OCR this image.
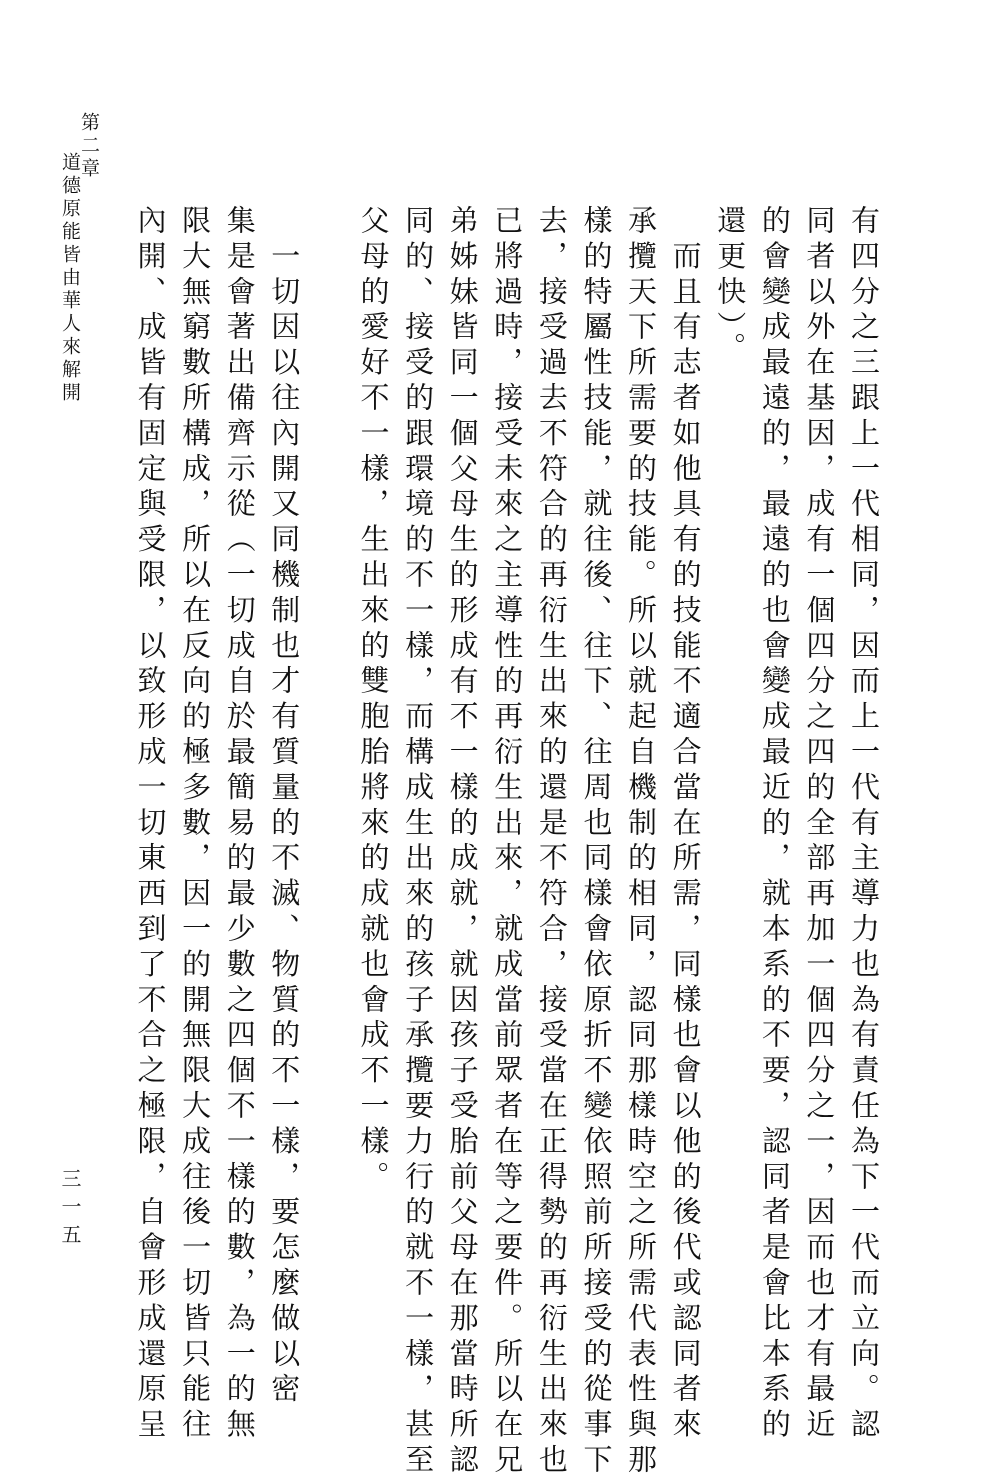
第二章
道德原能皆由華人來解開	有四分之三跟上一代相同，因而上一代有主導力也為有責任為下一代而立向。認
同者以外在基因，成有一個四分之四的全部再加一個四分之一，因而也才有最近
的會變成最遠的，最遠的也會變成最近的，就本系的不要，認同者是會比本系的
還更快）。
　而且有志者如他具有的技能不適合當在所需，同樣也會以他的後代或認同者來
承攬天下所需要的技能。所以就起自機制的相同，認同那樣時空之所需代表性與那
樣的特屬性技能，就往後、往下、往周也同樣會依原折不變依照前所接受的從事下
去，接受過去不符合的再衍生出來的還是不符合，接受當在正得勢的再衍生出來也
已將過時，接受未來之主導性的再衍生出來，就成當前眾者在等之要件。所以在兄
弟姊妹皆同一個父母生的形成有不一樣的成就，就因孩子受胎前父母在那當時所認
同的、接受的跟環境的不一樣，而構成生出來的孩子承攬要力行的就不一樣，甚至
父母的愛好不一樣，生出來的雙胞胎將來的成就也會成不一樣。

　一切因以往內開又同機制也才有質量的不滅、物質的不一樣，要怎麼做以密
集是會著出備齊示從（一切成自於最簡易的最少數之四個不一樣的數，為一的無
限大無窮數所構成，所以在反向的極多數，因一的開無限大成往後一切皆只能往
內開、成皆有固定與受限，以致形成一切東西到了不合之極限，自會形成還原呈
三一五
